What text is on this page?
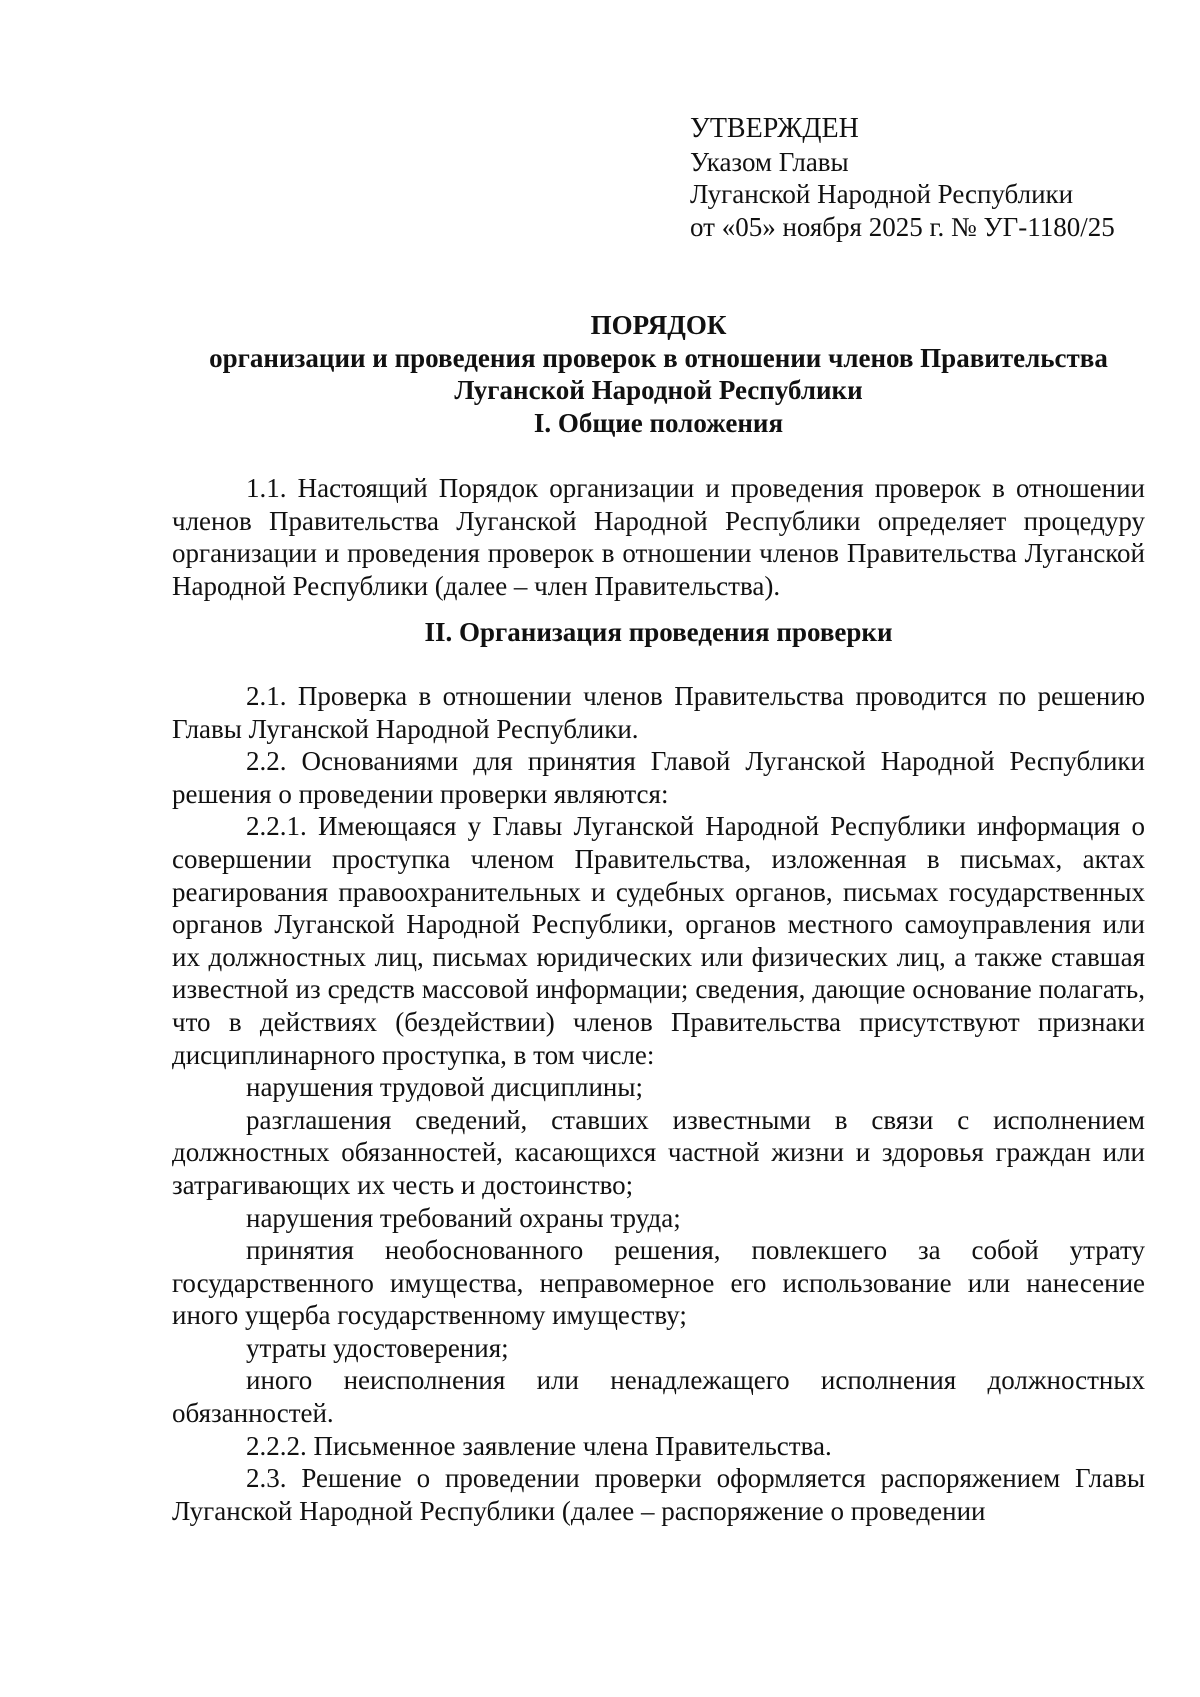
УТВЕРЖДЕН
Указом Главы
Луганской Народной Республики
от «05» ноября 2025 г. № УГ-1180/25
ПОРЯДОК
организации и проведения проверок в отношении членов Правительства
Луганской Народной Республики
I. Общие положения

1.1. Настоящий Порядок организации и проведения проверок в отношении членов Правительства Луганской Народной Республики определяет процедуру организации и проведения проверок в отношении членов Правительства Луганской Народной Республики (далее – член Правительства).

II. Организация проведения проверки

2.1. Проверка в отношении членов Правительства проводится по решению Главы Луганской Народной Республики.

2.2. Основаниями для принятия Главой Луганской Народной Республики решения о проведении проверки являются:

2.2.1. Имеющаяся у Главы Луганской Народной Республики информация о совершении проступка членом Правительства, изложенная в письмах, актах реагирования правоохранительных и судебных органов, письмах государственных органов Луганской Народной Республики, органов местного самоуправления или их должностных лиц, письмах юридических или физических лиц, а также ставшая известной из средств массовой информации; сведения, дающие основание полагать, что в действиях (бездействии) членов Правительства присутствуют признаки дисциплинарного проступка, в том числе:

нарушения трудовой дисциплины;

разглашения сведений, ставших известными в связи с исполнением должностных обязанностей, касающихся частной жизни и здоровья граждан или затрагивающих их честь и достоинство;

нарушения требований охраны труда;

принятия необоснованного решения, повлекшего за собой утрату государственного имущества, неправомерное его использование или нанесение иного ущерба государственному имуществу;

утраты удостоверения;

иного неисполнения или ненадлежащего исполнения должностных обязанностей.

2.2.2. Письменное заявление члена Правительства.

2.3. Решение о проведении проверки оформляется распоряжением Главы Луганской Народной Республики (далее – распоряжение о проведении
